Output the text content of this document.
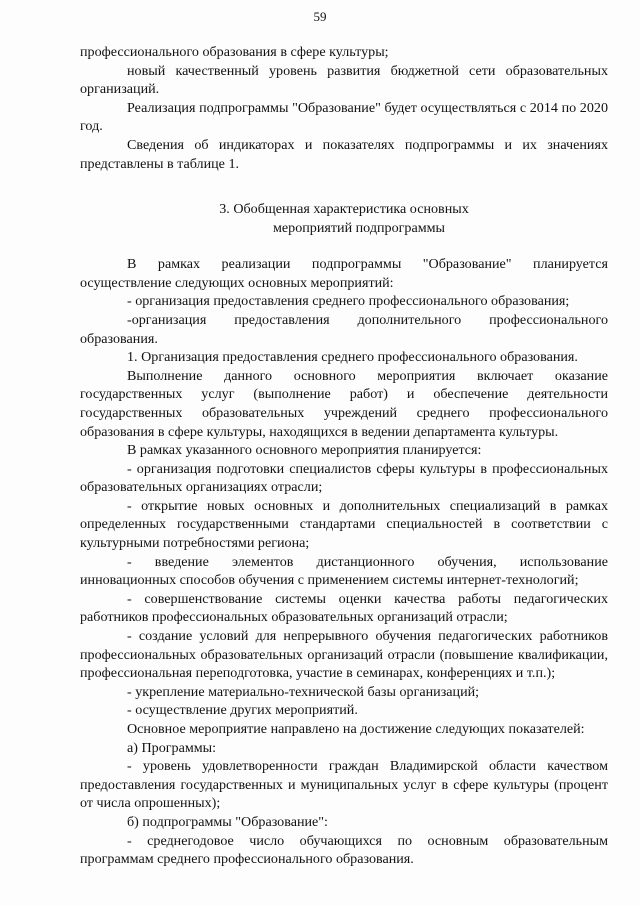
59

профессионального образования в сфере культуры;

новый качественный уровень развития бюджетной сети образовательных организаций.

Реализация подпрограммы "Образование" будет осуществляться с 2014 по 2020 год.

Сведения об индикаторах и показателях подпрограммы и их значениях представлены в таблице 1.

3. Обобщенная характеристика основных
мероприятий подпрограммы

В рамках реализации подпрограммы "Образование" планируется осуществление следующих основных мероприятий:

- организация предоставления среднего профессионального образования;

-организация предоставления дополнительного профессионального образования.

1. Организация предоставления среднего профессионального образования.

Выполнение данного основного мероприятия включает оказание государственных услуг (выполнение работ) и обеспечение деятельности государственных образовательных учреждений среднего профессионального образования в сфере культуры, находящихся в ведении департамента культуры.

В рамках указанного основного мероприятия планируется:

- организация подготовки специалистов сферы культуры в профессиональных образовательных организациях отрасли;

- открытие новых основных и дополнительных специализаций в рамках определенных государственными стандартами специальностей в соответствии с культурными потребностями региона;

- введение элементов дистанционного обучения, использование инновационных способов обучения с применением системы интернет-технологий;

- совершенствование системы оценки качества работы педагогических работников профессиональных образовательных организаций отрасли;

- создание условий для непрерывного обучения педагогических работников профессиональных образовательных организаций отрасли (повышение квалификации, профессиональная переподготовка, участие в семинарах, конференциях и т.п.);

- укрепление материально-технической базы организаций;

- осуществление других мероприятий.

Основное мероприятие направлено на достижение следующих показателей:

а) Программы:

- уровень удовлетворенности граждан Владимирской области качеством предоставления государственных и муниципальных услуг в сфере культуры (процент от числа опрошенных);

б) подпрограммы "Образование":

- среднегодовое число обучающихся по основным образовательным программам среднего профессионального образования.
